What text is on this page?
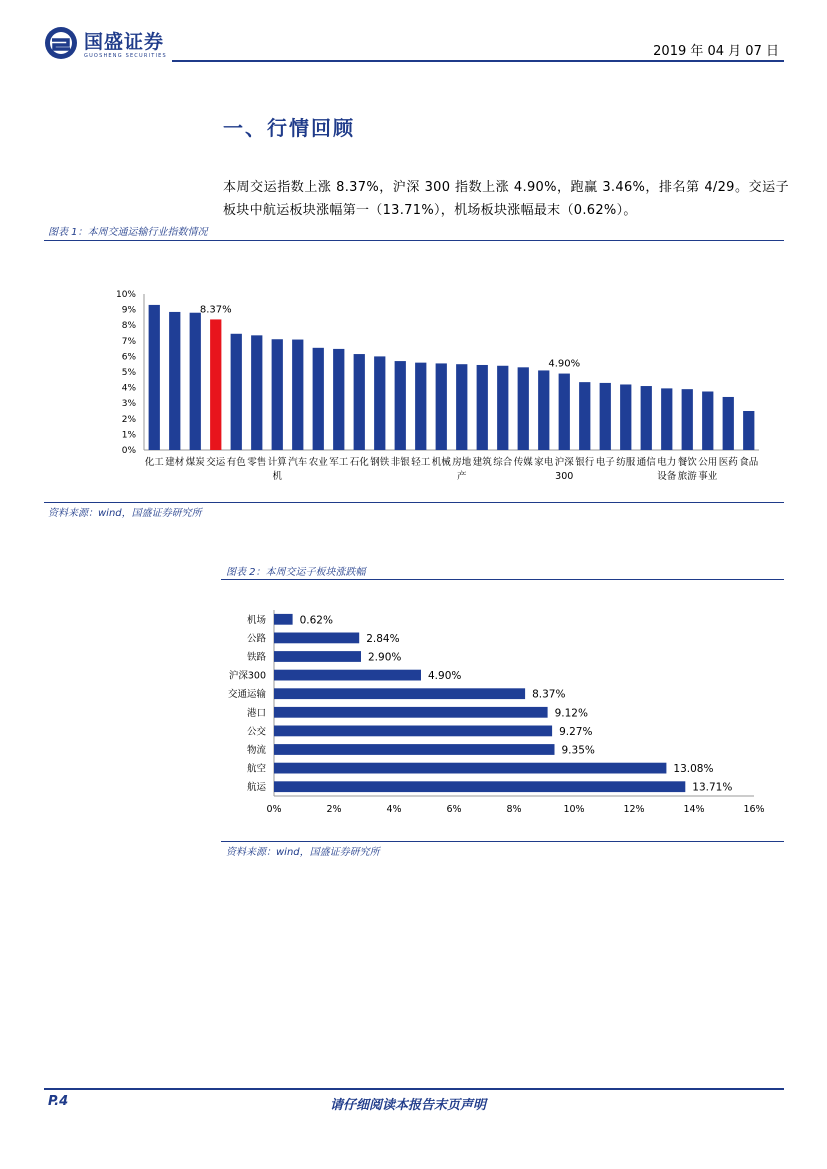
国盛证券
GUOSHENG SECURITIES	2019 年 04 月 07 日
一、行情回顾
本周交运指数上涨 8.37%，沪深 300 指数上涨 4.90%，跑赢 3.46%，排名第 4/29。交运子板块中航运板块涨幅第一（13.71%），机场板块涨幅最末（0.62%）。
图表 1：本周交通运输行业指数情况
0%
1%
2%
3%
4%
5%
6%
7%
8%
9%
10%
化工 建材 煤炭 交运 有色 零售 计算
机
汽车 农业 军工 石化 钢铁 非银 轻工 机械 房地
产
建筑 综合 传媒 家电 沪深
300
银行 电子 纺服 通信 电力
设备
餐饮
旅游
公用
事业
医药 食品
8.37%
4.90%
资料来源：wind，国盛证券研究所
图表 2：本周交运子板块涨跌幅
机场	0.62%
公路	2.84%
铁路	2.90%
沪深300	4.90%
交通运输	8.37%
港口	9.12%
公交	9.27%
物流	9.35%
航空	13.08%
航运	13.71%
0%	2%	4%	6%	8%	10%	12%	14%	16%
资料来源：wind，国盛证券研究所
P.4	请仔细阅读本报告末页声明
